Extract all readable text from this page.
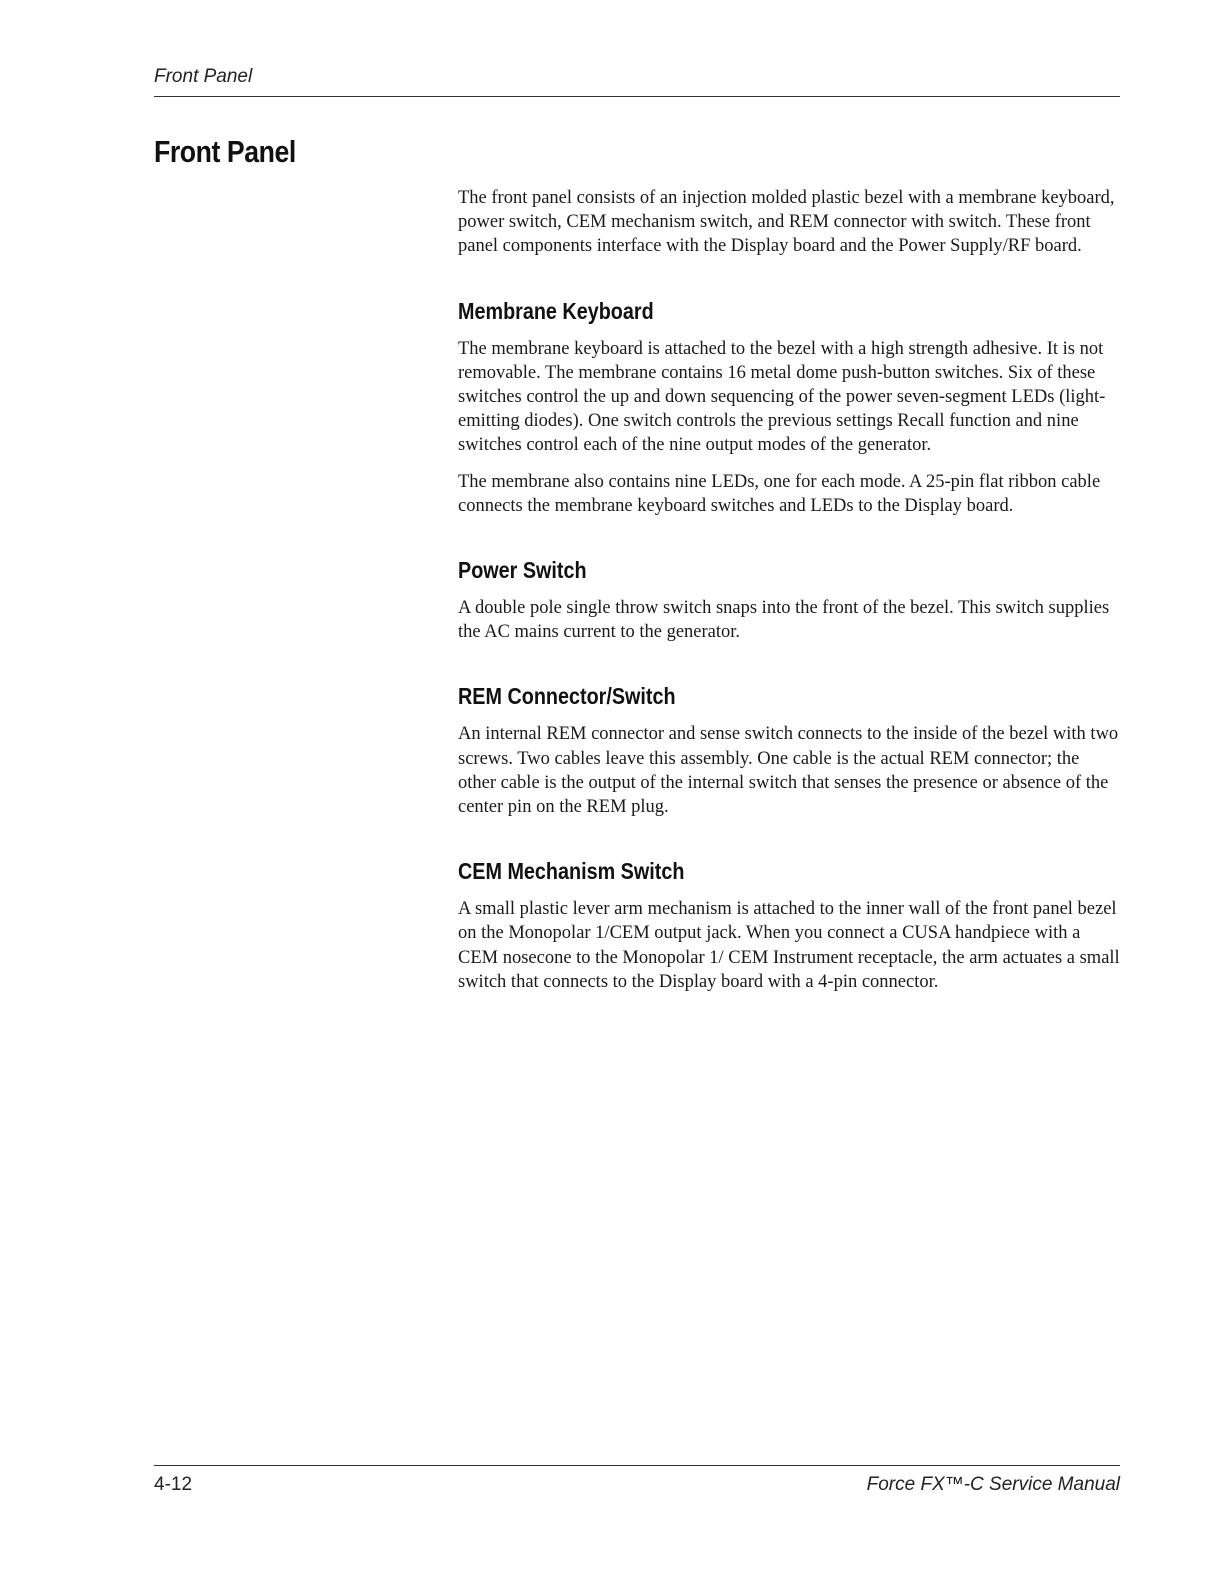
Front Panel
Front Panel

The front panel consists of an injection molded plastic bezel with a membrane keyboard, power switch, CEM mechanism switch, and REM connector with switch. These front panel components interface with the Display board and the Power Supply/RF board.

Membrane Keyboard

The membrane keyboard is attached to the bezel with a high strength adhesive. It is not removable. The membrane contains 16 metal dome push-button switches. Six of these switches control the up and down sequencing of the power seven-segment LEDs (light-emitting diodes). One switch controls the previous settings Recall function and nine switches control each of the nine output modes of the generator.

The membrane also contains nine LEDs, one for each mode. A 25-pin flat ribbon cable connects the membrane keyboard switches and LEDs to the Display board.

Power Switch

A double pole single throw switch snaps into the front of the bezel. This switch supplies the AC mains current to the generator.

REM Connector/Switch

An internal REM connector and sense switch connects to the inside of the bezel with two screws. Two cables leave this assembly. One cable is the actual REM connector; the other cable is the output of the internal switch that senses the presence or absence of the center pin on the REM plug.

CEM Mechanism Switch

A small plastic lever arm mechanism is attached to the inner wall of the front panel bezel on the Monopolar 1/CEM output jack. When you connect a CUSA handpiece with a CEM nosecone to the Monopolar 1/ CEM Instrument receptacle, the arm actuates a small switch that connects to the Display board with a 4-pin connector.

4-12	Force FX™-C Service Manual
